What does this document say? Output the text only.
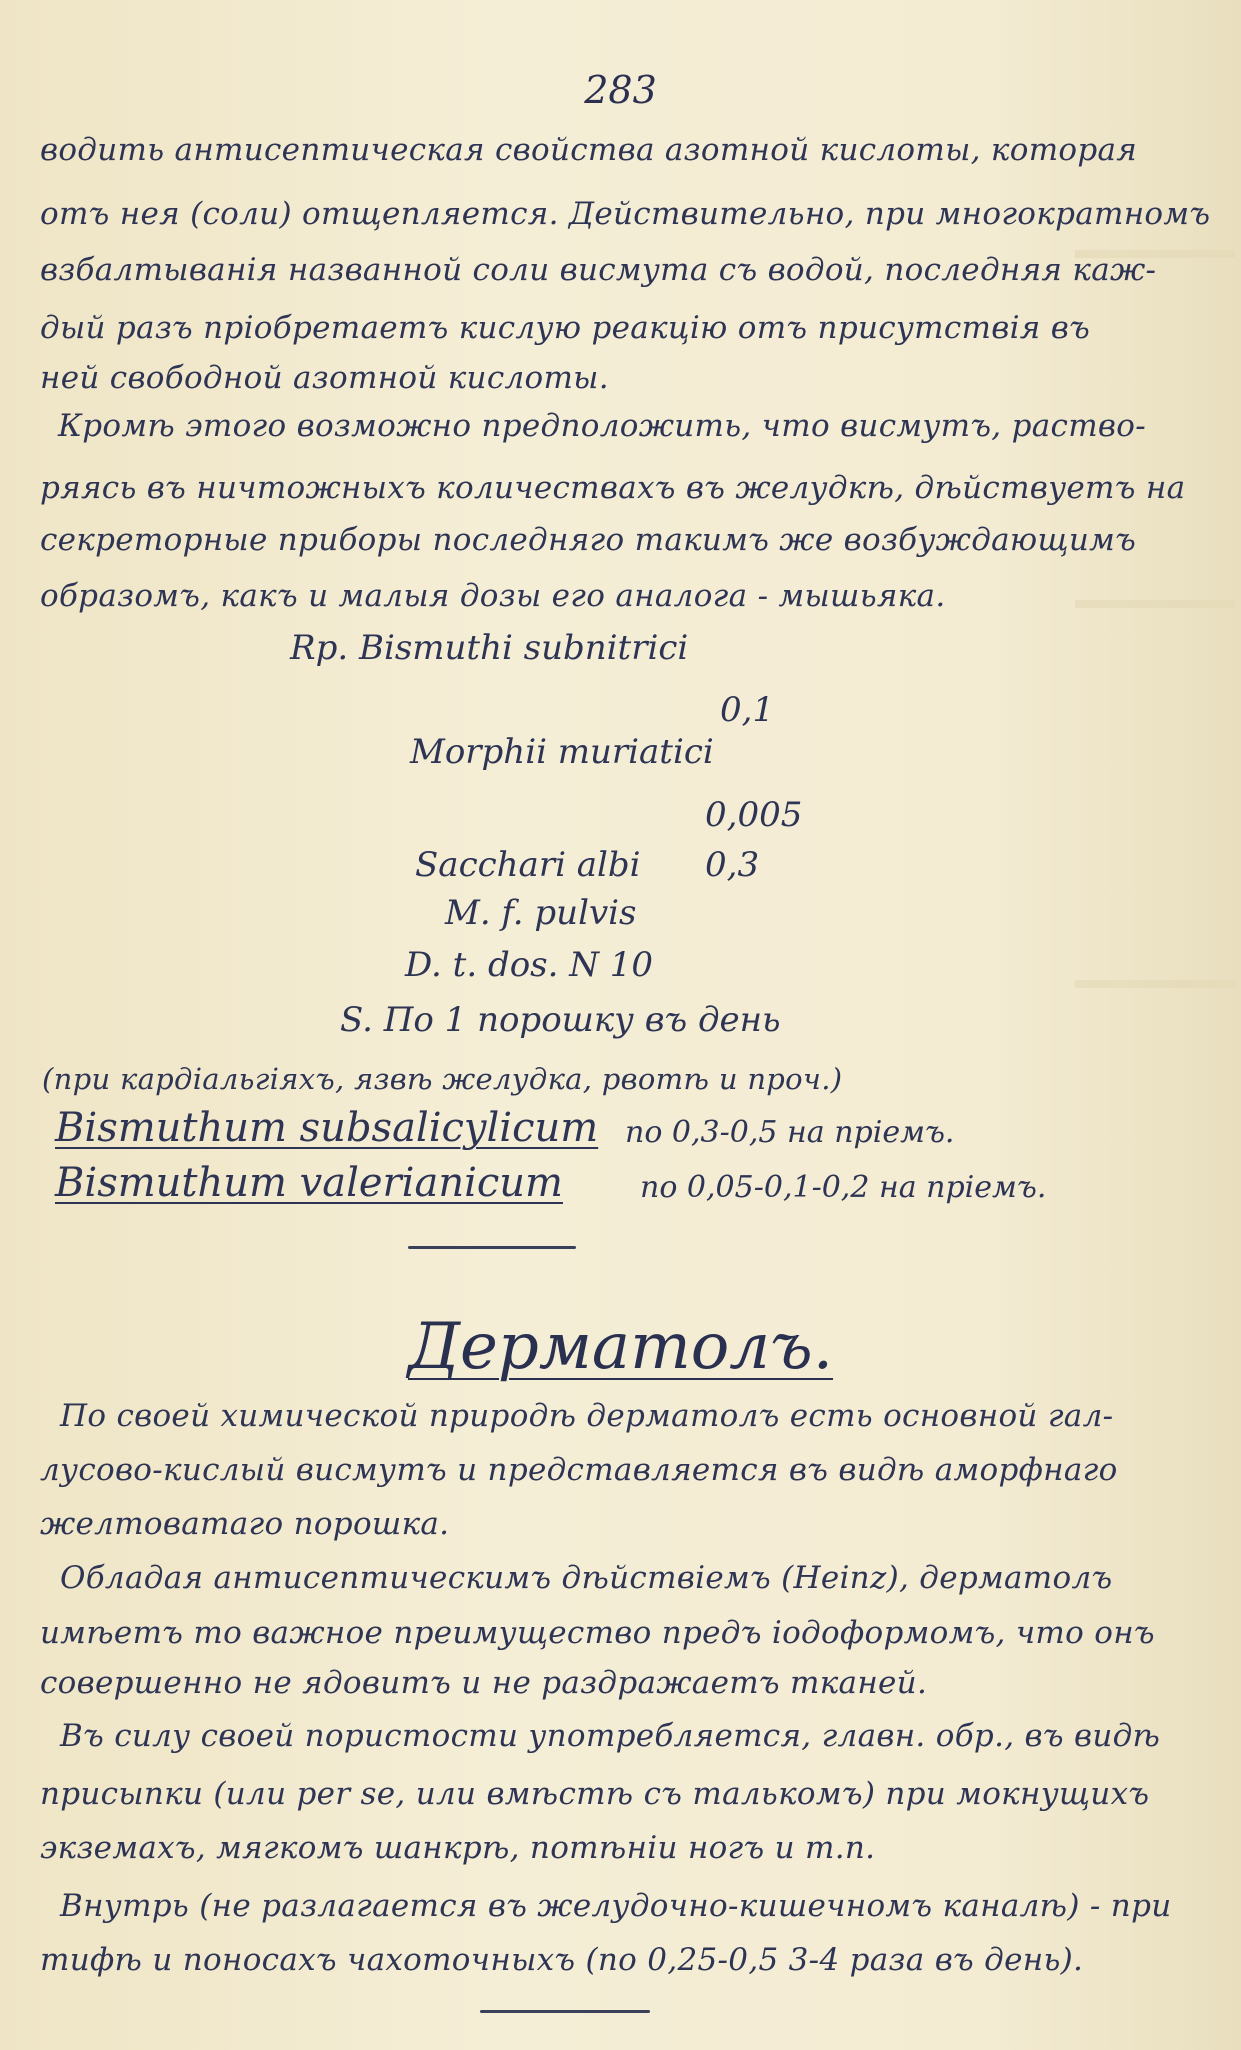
283
водить антисептическая свойства азотной кислоты, которая
отъ нея (соли) отщепляется. Действительно, при многократномъ
взбалтыванія названной соли висмута съ водой, последняя каж-
дый разъ пріобретаетъ кислую реакцію отъ присутствія въ
ней свободной азотной кислоты.
Кромѣ этого возможно предположить, что висмутъ, раство-
ряясь въ ничтожныхъ количествахъ въ желудкѣ, дѣйствуетъ на
секреторные приборы последняго такимъ же возбуждающимъ
образомъ, какъ и малыя дозы его аналога - мышьяка.
Rp. Bismuthi subnitrici
0,1
Morphii muriatici
0,005
Sacchari albi 0,3
M. f. pulvis
D. t. dos. N 10
S. По 1 порошку въ день
(при кардіальгіяхъ, язвѣ желудка, рвотѣ и проч.)
Bismuthum subsalicylicum по 0,3-0,5 на пріемъ.
Bismuthum valerianicum	по 0,05-0,1-0,2 на пріемъ.
Дерматолъ.
По своей химической природѣ дерматолъ есть основной гал-
лусово-кислый висмутъ и представляется въ видѣ аморфнаго
желтоватаго порошка.
Обладая антисептическимъ дѣйствіемъ (Heinz), дерматолъ
имѣетъ то важное преимущество предъ іодоформомъ, что онъ
совершенно не ядовитъ и не раздражаетъ тканей.
Въ силу своей пористости употребляется, главн. обр., въ видѣ
присыпки (или per se, или вмѣстѣ съ талькомъ) при мокнущихъ
экземахъ, мягкомъ шанкрѣ, потѣніи ногъ и т.п.
Внутрь (не разлагается въ желудочно-кишечномъ каналѣ) - при
тифѣ и поносахъ чахоточныхъ (по 0,25-0,5 3-4 раза въ день).
